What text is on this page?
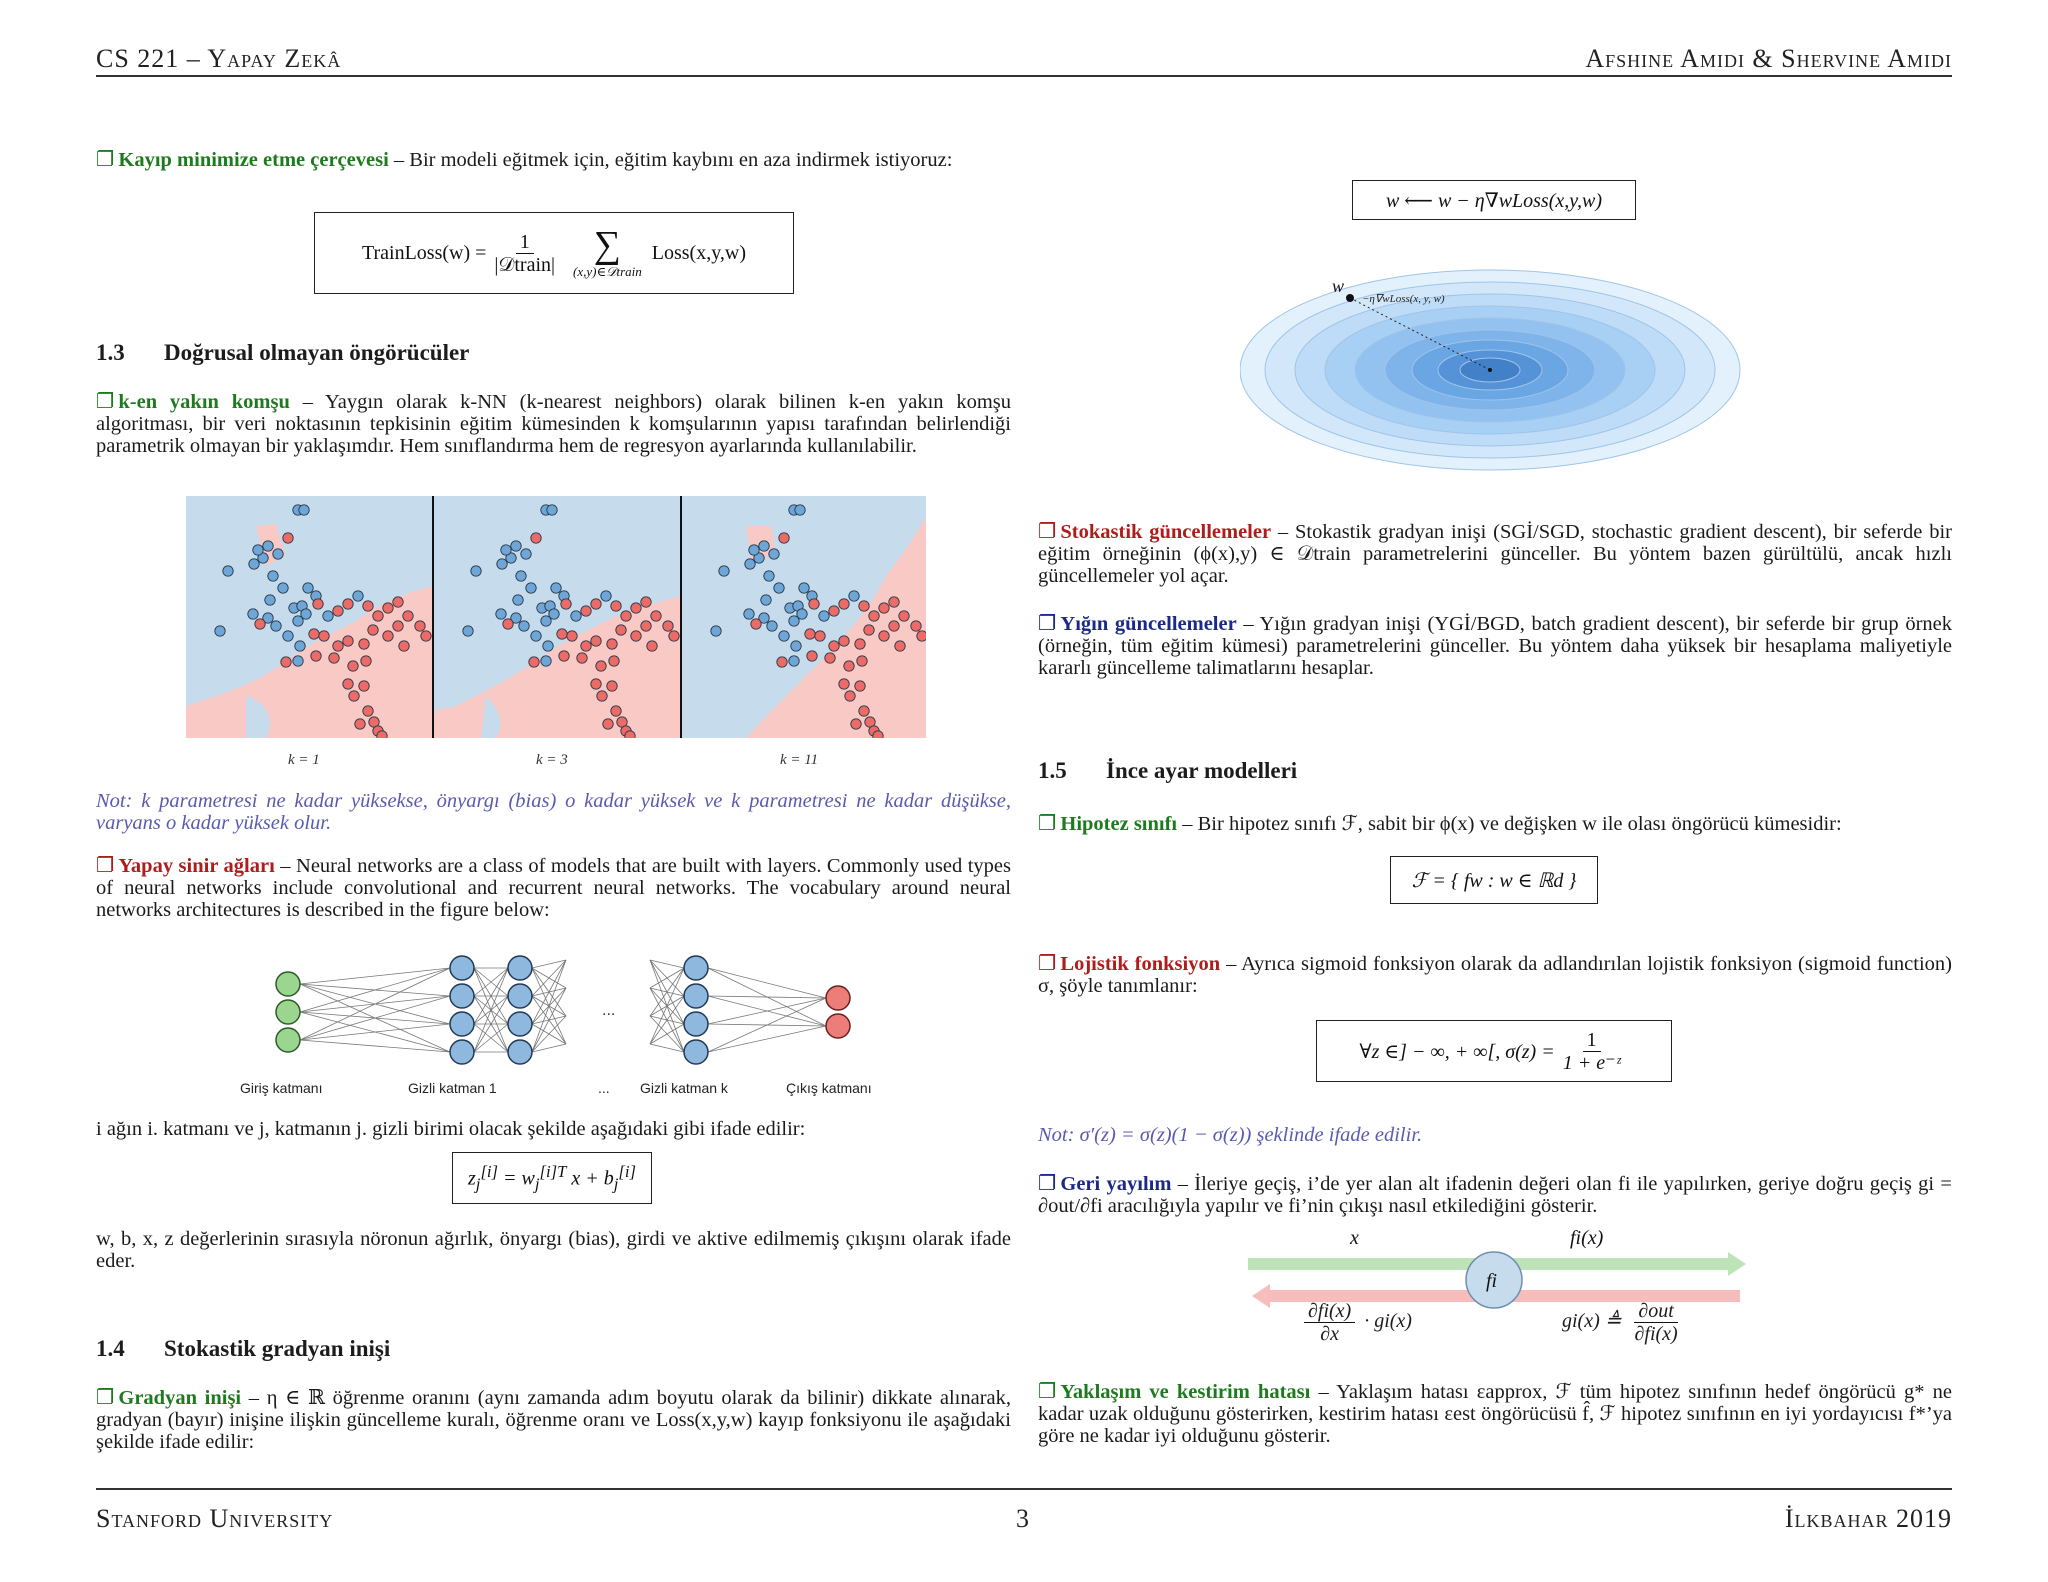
CS 221 – Yapay Zekâ	Afshine Amidi & Shervine Amidi
❐ Kayıp minimize etme çerçevesi – Bir modeli eğitmek için, eğitim kaybını en aza indirmek istiyoruz:
TrainLoss(w) = $\frac{1}{\text{|𝒟train|}}$ ∑
(x,y)∈𝒟train
Loss(x,y,w)
1.3 Doğrusal olmayan öngörücüler
❐ k-en yakın komşu – Yaygın olarak k-NN (k-nearest neighbors) olarak bilinen k-en yakın komşu algoritması, bir veri noktasının tepkisinin eğitim kümesinden k komşularının yapısı tarafından belirlendiği parametrik olmayan bir yaklaşımdır. Hem sınıflandırma hem de regresyon ayarlarında kullanılabilir.
k = 1	k = 3	k = 11
Not: k parametresi ne kadar yüksekse, önyargı (bias) o kadar yüksek ve k parametresi ne kadar düşükse, varyans o kadar yüksek olur.
❐ Yapay sinir ağları – Neural networks are a class of models that are built with layers. Commonly used types of neural networks include convolutional and recurrent neural networks. The vocabulary around neural networks architectures is described in the figure below:
...
Giriş katmanı	Gizli katman 1	... Gizli katman k	Çıkış katmanı
i ağın i. katmanı ve j, katmanın j. gizli birimi olacak şekilde aşağıdaki gibi ifade edilir:
$z_j[i] = w_j^{[i]T}$ $x + b_j[i]$
w, b, x, z değerlerinin sırasıyla nöronun ağırlık, önyargı (bias), girdi ve aktive edilmemiş çıkışını olarak ifade eder.
1.4 Stokastik gradyan inişi
❐ Gradyan inişi – η ∈ ℝ öğrenme oranını (aynı zamanda adım boyutu olarak da bilinir) dikkate alınarak, gradyan (bayır) inişine ilişkin güncelleme kuralı, öğrenme oranı ve Loss(x,y,w) kayıp fonksiyonu ile aşağıdaki şekilde ifade edilir:
w ⟵ w − η∇wLoss(x,y,w)
w
−η∇wLoss(x, y, w)
❐ Stokastik güncellemeler – Stokastik gradyan inişi (SGİ/SGD, stochastic gradient descent), bir seferde bir eğitim örneğinin (ϕ(x),y) ∈ 𝒟train parametrelerini günceller. Bu yöntem bazen gürültülü, ancak hızlı güncellemeler yol açar.
❐ Yığın güncellemeler – Yığın gradyan inişi (YGİ/BGD, batch gradient descent), bir seferde bir grup örnek (örneğin, tüm eğitim kümesi) parametrelerini günceller. Bu yöntem daha yüksek bir hesaplama maliyetiyle kararlı güncelleme talimatlarını hesaplar.
1.5 İnce ayar modelleri
❐ Hipotez sınıfı – Bir hipotez sınıfı ℱ, sabit bir ϕ(x) ve değişken w ile olası öngörücü kümesidir:
ℱ = { fw : w ∈ ℝd }
❐ Lojistik fonksiyon – Ayrıca sigmoid fonksiyon olarak da adlandırılan lojistik fonksiyon (sigmoid function) σ, şöyle tanımlanır:
∀z ∈] − ∞, + ∞[, $\sigma(z) = \frac{1}{\text{1 + e⁻ᶻ}}$
Not: σ′(z) = σ(z)(1 − σ(z)) şeklinde ifade edilir.
❐ Geri yayılım – İleriye geçiş, i’de yer alan alt ifadenin değeri olan fi ile yapılırken, geriye doğru geçiş gi = ∂out/∂fi aracılığıyla yapılır ve fi’nin çıkışı nasıl etkilediğini gösterir.
fi
x	fi(x)
$\frac{\partial fi(x)}{\partial x} \cdot gi(x)$	gi(x) ≜ $\frac{\text{∂out}}{\partial fi(x)}$
❐ Yaklaşım ve kestirim hatası – Yaklaşım hatası εapprox, ℱ tüm hipotez sınıfının hedef öngörücü g* ne kadar uzak olduğunu gösterirken, kestirim hatası εest öngörücüsü f̂, ℱ hipotez sınıfının en iyi yordayıcısı f*’ya göre ne kadar iyi olduğunu gösterir.
Stanford University	3	İlkbahar 2019
